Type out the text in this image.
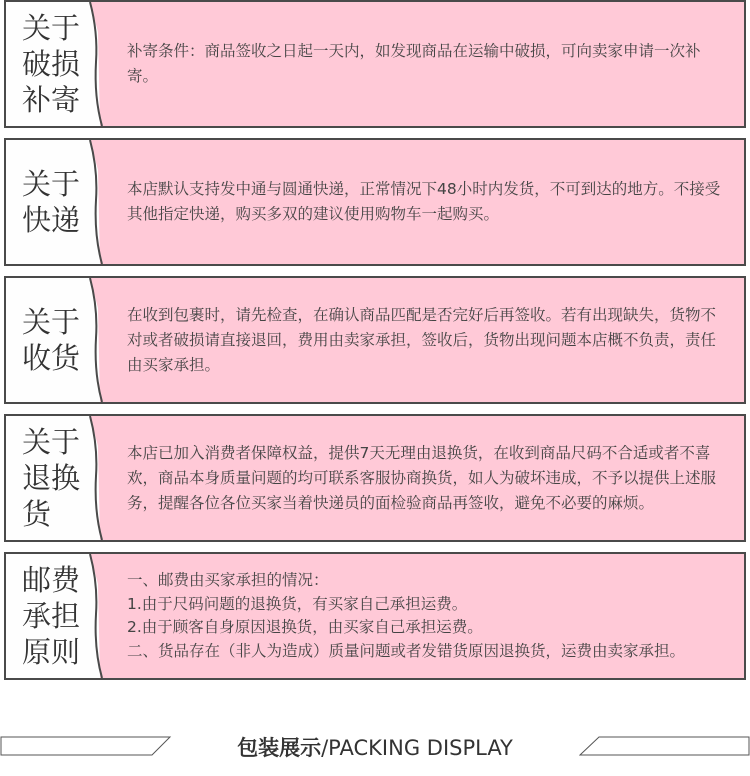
关于
破损
补寄

补寄条件：商品签收之日起一天内，如发现商品在运输中破损，可向卖家申请一次补寄。

关于
快递

本店默认支持发中通与圆通快递，正常情况下48小时内发货，不可到达的地方。不接受其他指定快递，购买多双的建议使用购物车一起购买。

关于
收货

在收到包裹时，请先检查，在确认商品匹配是否完好后再签收。若有出现缺失，货物不对或者破损请直接退回，费用由卖家承担，签收后，货物出现问题本店概不负责，责任由买家承担。

关于
退换
货

本店已加入消费者保障权益，提供7天无理由退换货，在收到商品尺码不合适或者不喜欢，商品本身质量问题的均可联系客服协商换货，如人为破坏违成，不予以提供上述服务，提醒各位各位买家当着快递员的面检验商品再签收，避免不必要的麻烦。

邮费
承担
原则

一、邮费由买家承担的情况：

1.由于尺码问题的退换货，有买家自己承担运费。

2.由于顾客自身原因退换货，由买家自己承担运费。

二、货品存在（非人为造成）质量问题或者发错货原因退换货，运费由卖家承担。

包装展示/PACKING DISPLAY
